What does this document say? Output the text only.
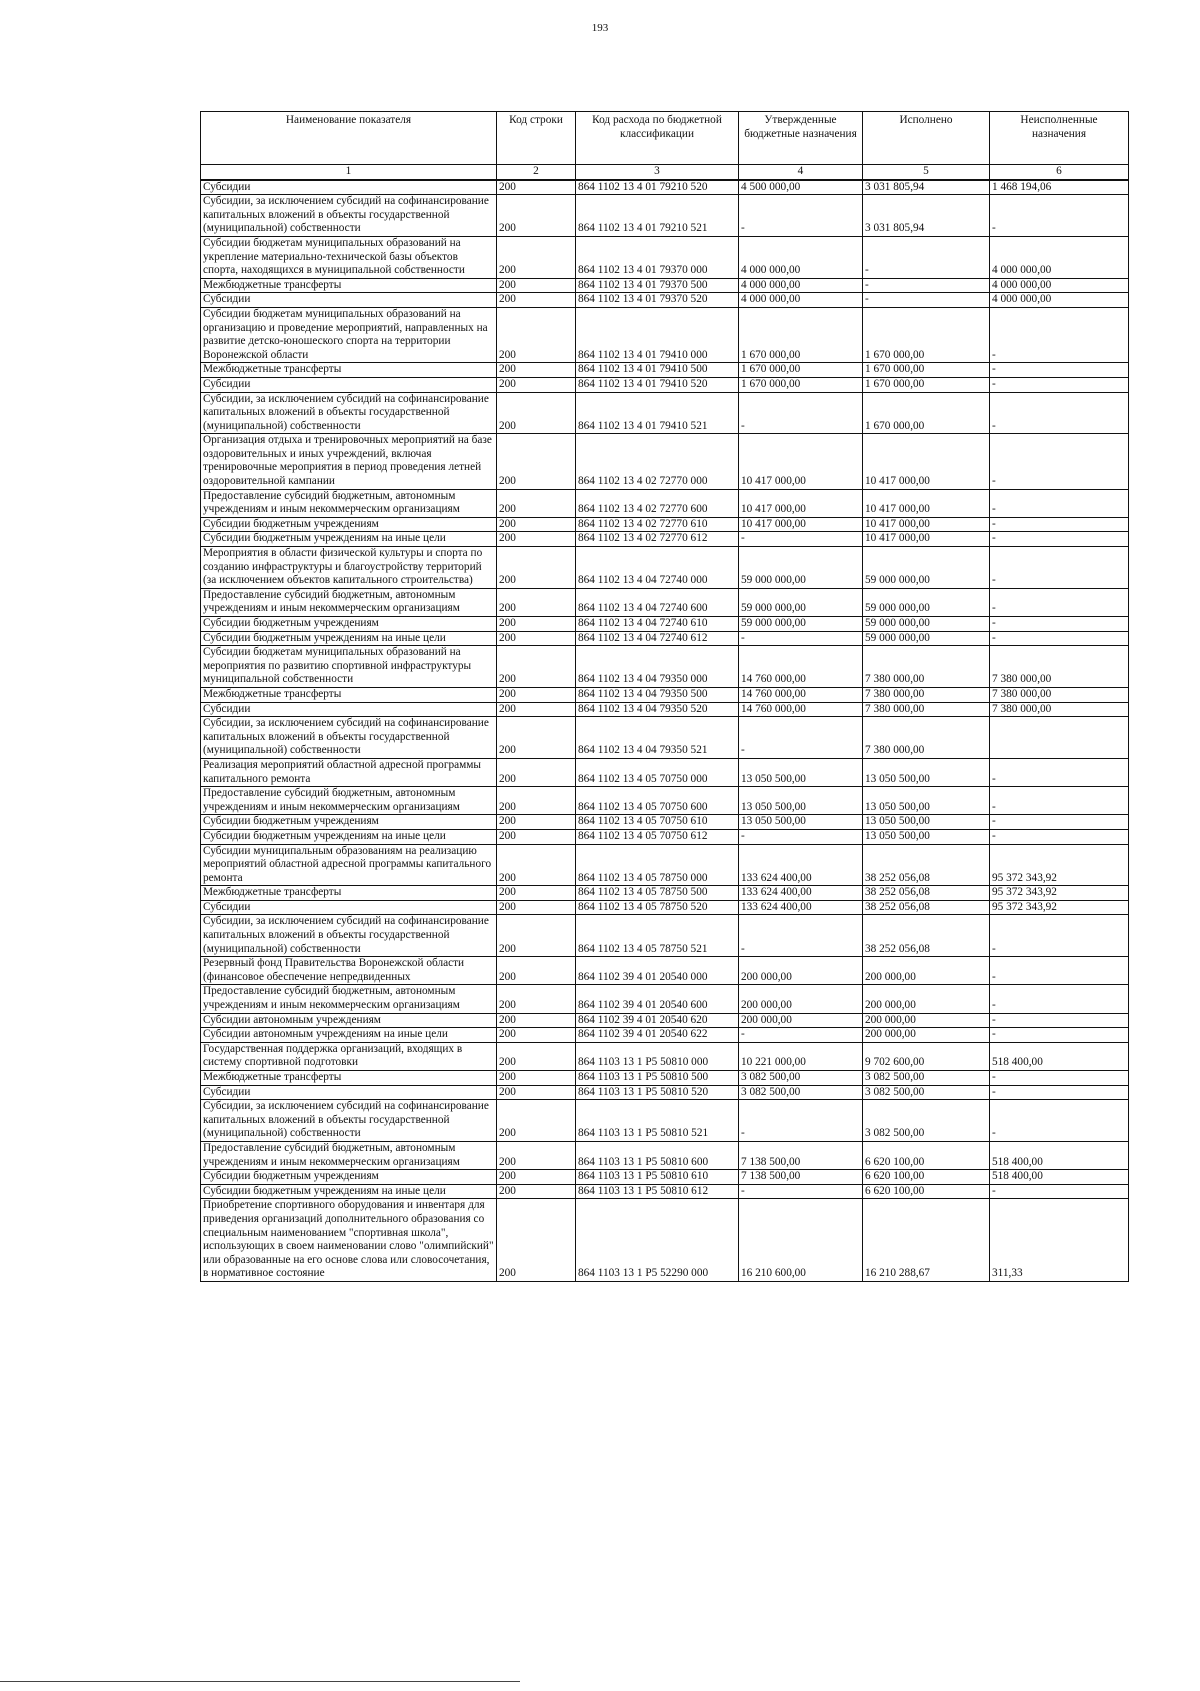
193
Наименование показателя	Код строки	Код расхода по бюджетной классификации	Утвержденные бюджетные назначения	Исполнено	Неисполненные назначения
1	2	3	4	5	6
Субсидии	200	864 1102 13 4 01 79210 520	4 500 000,00	3 031 805,94	1 468 194,06
Субсидии, за исключением субсидий на софинансирование капитальных вложений в объекты государственной (муниципальной) собственности	200	864 1102 13 4 01 79210 521	-	3 031 805,94	-
Субсидии бюджетам муниципальных образований на укрепление материально-технической базы объектов спорта, находящихся в муниципальной собственности	200	864 1102 13 4 01 79370 000	4 000 000,00	-	4 000 000,00
Межбюджетные трансферты	200	864 1102 13 4 01 79370 500	4 000 000,00	-	4 000 000,00
Субсидии	200	864 1102 13 4 01 79370 520	4 000 000,00	-	4 000 000,00
Субсидии бюджетам муниципальных образований на организацию и проведение мероприятий, направленных на развитие детско-юношеского спорта на территории Воронежской области	200	864 1102 13 4 01 79410 000	1 670 000,00	1 670 000,00	-
Межбюджетные трансферты	200	864 1102 13 4 01 79410 500	1 670 000,00	1 670 000,00	-
Субсидии	200	864 1102 13 4 01 79410 520	1 670 000,00	1 670 000,00	-
Субсидии, за исключением субсидий на софинансирование капитальных вложений в объекты государственной (муниципальной) собственности	200	864 1102 13 4 01 79410 521	-	1 670 000,00	-
Организация отдыха и тренировочных мероприятий на базе оздоровительных и иных учреждений, включая тренировочные мероприятия в период проведения летней оздоровительной кампании	200	864 1102 13 4 02 72770 000	10 417 000,00	10 417 000,00	-
Предоставление субсидий бюджетным, автономным учреждениям и иным некоммерческим организациям	200	864 1102 13 4 02 72770 600	10 417 000,00	10 417 000,00	-
Субсидии бюджетным учреждениям	200	864 1102 13 4 02 72770 610	10 417 000,00	10 417 000,00	-
Субсидии бюджетным учреждениям на иные цели	200	864 1102 13 4 02 72770 612	-	10 417 000,00	-
Мероприятия в области физической культуры и спорта по созданию инфраструктуры и благоустройству территорий (за исключением объектов капитального строительства)	200	864 1102 13 4 04 72740 000	59 000 000,00	59 000 000,00	-
Предоставление субсидий бюджетным, автономным учреждениям и иным некоммерческим организациям	200	864 1102 13 4 04 72740 600	59 000 000,00	59 000 000,00	-
Субсидии бюджетным учреждениям	200	864 1102 13 4 04 72740 610	59 000 000,00	59 000 000,00	-
Субсидии бюджетным учреждениям на иные цели	200	864 1102 13 4 04 72740 612	-	59 000 000,00	-
Субсидии бюджетам муниципальных образований на мероприятия по развитию спортивной инфраструктуры муниципальной собственности	200	864 1102 13 4 04 79350 000	14 760 000,00	7 380 000,00	7 380 000,00
Межбюджетные трансферты	200	864 1102 13 4 04 79350 500	14 760 000,00	7 380 000,00	7 380 000,00
Субсидии	200	864 1102 13 4 04 79350 520	14 760 000,00	7 380 000,00	7 380 000,00
Субсидии, за исключением субсидий на софинансирование капитальных вложений в объекты государственной (муниципальной) собственности	200	864 1102 13 4 04 79350 521	-	7 380 000,00	
Реализация мероприятий областной адресной программы капитального ремонта	200	864 1102 13 4 05 70750 000	13 050 500,00	13 050 500,00	-
Предоставление субсидий бюджетным, автономным учреждениям и иным некоммерческим организациям	200	864 1102 13 4 05 70750 600	13 050 500,00	13 050 500,00	-
Субсидии бюджетным учреждениям	200	864 1102 13 4 05 70750 610	13 050 500,00	13 050 500,00	-
Субсидии бюджетным учреждениям на иные цели	200	864 1102 13 4 05 70750 612	-	13 050 500,00	-
Субсидии муниципальным образованиям на реализацию мероприятий областной адресной программы капитального ремонта	200	864 1102 13 4 05 78750 000	133 624 400,00	38 252 056,08	95 372 343,92
Межбюджетные трансферты	200	864 1102 13 4 05 78750 500	133 624 400,00	38 252 056,08	95 372 343,92
Субсидии	200	864 1102 13 4 05 78750 520	133 624 400,00	38 252 056,08	95 372 343,92
Субсидии, за исключением субсидий на софинансирование капитальных вложений в объекты государственной (муниципальной) собственности	200	864 1102 13 4 05 78750 521	-	38 252 056,08	-
Резервный фонд Правительства Воронежской области (финансовое обеспечение непредвиденных	200	864 1102 39 4 01 20540 000	200 000,00	200 000,00	-
Предоставление субсидий бюджетным, автономным учреждениям и иным некоммерческим организациям	200	864 1102 39 4 01 20540 600	200 000,00	200 000,00	-
Субсидии автономным учреждениям	200	864 1102 39 4 01 20540 620	200 000,00	200 000,00	-
Субсидии автономным учреждениям на иные цели	200	864 1102 39 4 01 20540 622	-	200 000,00	-
Государственная поддержка организаций, входящих в систему спортивной подготовки	200	864 1103 13 1 Р5 50810 000	10 221 000,00	9 702 600,00	518 400,00
Межбюджетные трансферты	200	864 1103 13 1 Р5 50810 500	3 082 500,00	3 082 500,00	-
Субсидии	200	864 1103 13 1 Р5 50810 520	3 082 500,00	3 082 500,00	-
Субсидии, за исключением субсидий на софинансирование капитальных вложений в объекты государственной (муниципальной) собственности	200	864 1103 13 1 Р5 50810 521	-	3 082 500,00	-
Предоставление субсидий бюджетным, автономным учреждениям и иным некоммерческим организациям	200	864 1103 13 1 Р5 50810 600	7 138 500,00	6 620 100,00	518 400,00
Субсидии бюджетным учреждениям	200	864 1103 13 1 Р5 50810 610	7 138 500,00	6 620 100,00	518 400,00
Субсидии бюджетным учреждениям на иные цели	200	864 1103 13 1 Р5 50810 612	-	6 620 100,00	-
Приобретение спортивного оборудования и инвентаря для приведения организаций дополнительного образования со специальным наименованием "спортивная школа", использующих в своем наименовании слово "олимпийский" или образованные на его основе слова или словосочетания, в нормативное состояние	200	864 1103 13 1 Р5 52290 000	16 210 600,00	16 210 288,67	311,33
